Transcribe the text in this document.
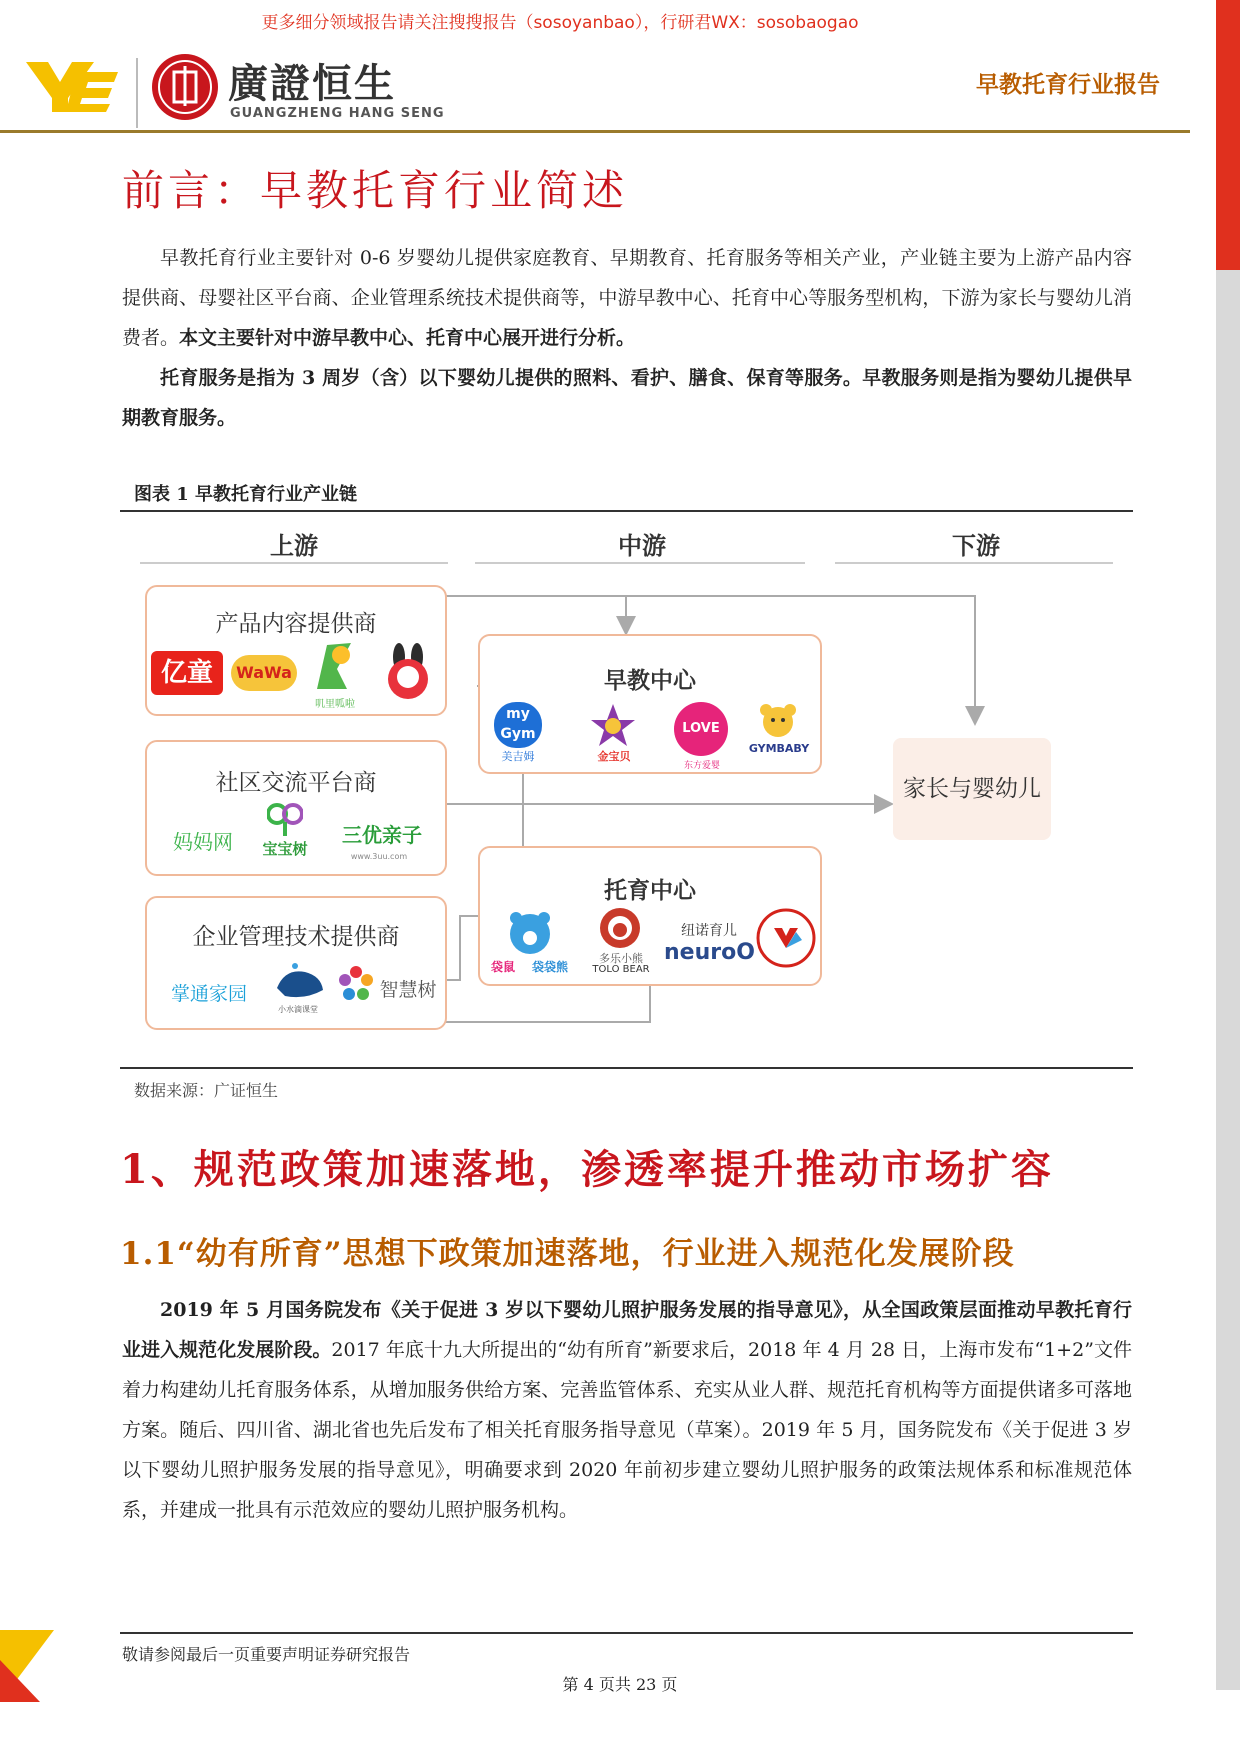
更多细分领域报告请关注搜搜报告（sosoyanbao），行研君WX：sosobaogao
廣證恒生
GUANGZHENG HANG SENG
早教托育行业报告
前言：早教托育行业简述

早教托育行业主要针对 0-6 岁婴幼儿提供家庭教育、早期教育、托育服务等相关产业，产业链主要为上游产品内容提供商、母婴社区平台商、企业管理系统技术提供商等，中游早教中心、托育中心等服务型机构，下游为家长与婴幼儿消费者。本文主要针对中游早教中心、托育中心展开进行分析。

托育服务是指为 3 周岁（含）以下婴幼儿提供的照料、看护、膳食、保育等服务。早教服务则是指为婴幼儿提供早期教育服务。

图表 1 早教托育行业产业链
上游	中游	下游
产品内容提供商
亿童	WaWa
叽里呱啦
社区交流平台商
妈妈网	宝宝树
三优亲子
www.3uu.com
企业管理技术提供商
掌通家园
小水滴课堂
智慧树
早教中心
my Gym
美吉姆	金宝贝
LOVE
东方爱婴
GYMBABY
托育中心
袋鼠	袋袋熊
多乐小熊
TOLO BEAR
纽诺育儿
neuroO
家长与婴幼儿
数据来源：广证恒生
1、规范政策加速落地，渗透率提升推动市场扩容
1.1“幼有所育”思想下政策加速落地，行业进入规范化发展阶段

2019 年 5 月国务院发布《关于促进 3 岁以下婴幼儿照护服务发展的指导意见》，从全国政策层面推动早教托育行业进入规范化发展阶段。2017 年底十九大所提出的“幼有所育”新要求后，2018 年 4 月 28 日，上海市发布“1+2”文件着力构建幼儿托育服务体系，从增加服务供给方案、完善监管体系、充实从业人群、规范托育机构等方面提供诸多可落地方案。随后、四川省、湖北省也先后发布了相关托育服务指导意见（草案）。2019 年 5 月，国务院发布《关于促进 3 岁以下婴幼儿照护服务发展的指导意见》，明确要求到 2020 年前初步建立婴幼儿照护服务的政策法规体系和标准规范体系，并建成一批具有示范效应的婴幼儿照护服务机构。

敬请参阅最后一页重要声明证券研究报告
第 4 页共 23 页
